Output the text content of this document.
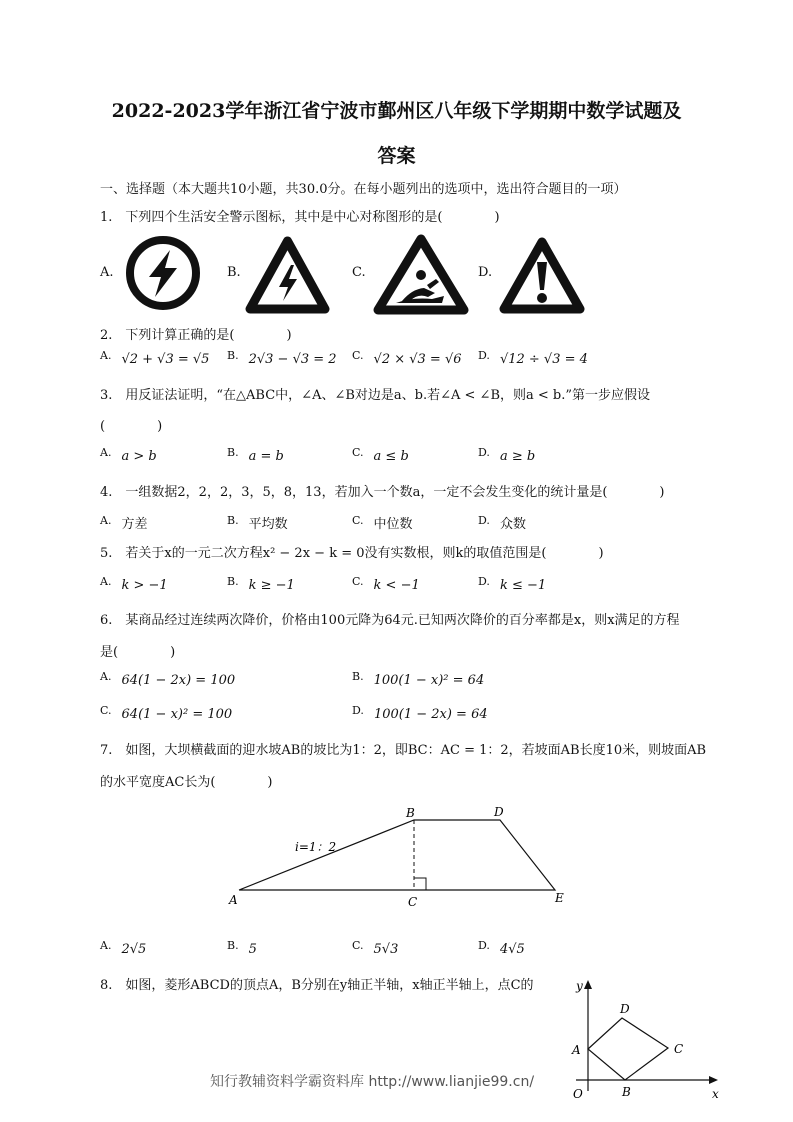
2022-2023学年浙江省宁波市鄞州区八年级下学期期中数学试题及
答案
一、选择题（本大题共10小题，共30.0分。在每小题列出的选项中，选出符合题目的一项）
1.　下列四个生活安全警示图标，其中是中心对称图形的是(　　　　)
A.	B.	C.	D.
2.　下列计算正确的是(　　　　)
$^{A.}$ √2 + √3 = √5 $^{B.}$ 2√3 − √3 = 2 $^{C.}$ √2 × √3 = √6 $^{D.}$ √12 ÷ √3 = 4
3.　用反证法证明，“在△ABC中，∠A、∠B对边是a、b.若∠A < ∠B，则a < b.”第一步应假设
(　　　　)
$^{A.}$ a > b	$^{B.}$ a = b	$^{C.}$ a ≤ b	$^{D.}$ a ≥ b
4.　一组数据2，2，2，3，5，8，13，若加入一个数a，一定不会发生变化的统计量是(　　　　)
$^{A.}$ 方差	$^{B.}$ 平均数	$^{C.}$ 中位数	$^{D.}$ 众数
5.　若关于x的一元二次方程x² − 2x − k = 0没有实数根，则k的取值范围是(　　　　)
$^{A.}$ k > −1	$^{B.}$ k ≥ −1	$^{C.}$ k < −1	$^{D.}$ k ≤ −1
6.　某商品经过连续两次降价，价格由100元降为64元.已知两次降价的百分率都是x，则x满足的方程
是(　　　　)
$^{A.}$ 64(1 − 2x) = 100	$^{B.}$ 100(1 − x)² = 64
$^{C.}$ 64(1 − x)² = 100	$^{D.}$ 100(1 − 2x) = 64
7.　如图，大坝横截面的迎水坡AB的坡比为1：2，即BC：AC = 1：2，若坡面AB长度10米，则坡面AB
的水平宽度AC长为(　　　　)
B	D
A	C	E
i=1：2
$^{A.}$ 2√5	$^{B.}$ 5	$^{C.}$ 5√3	$^{D.}$ 4√5
8.　如图，菱形ABCD的顶点A，B分别在y轴正半轴，x轴正半轴上，点C的	y
x
O
A
B
C
D
知行教辅资料学霸资料库 http://www.lianjie99.cn/
